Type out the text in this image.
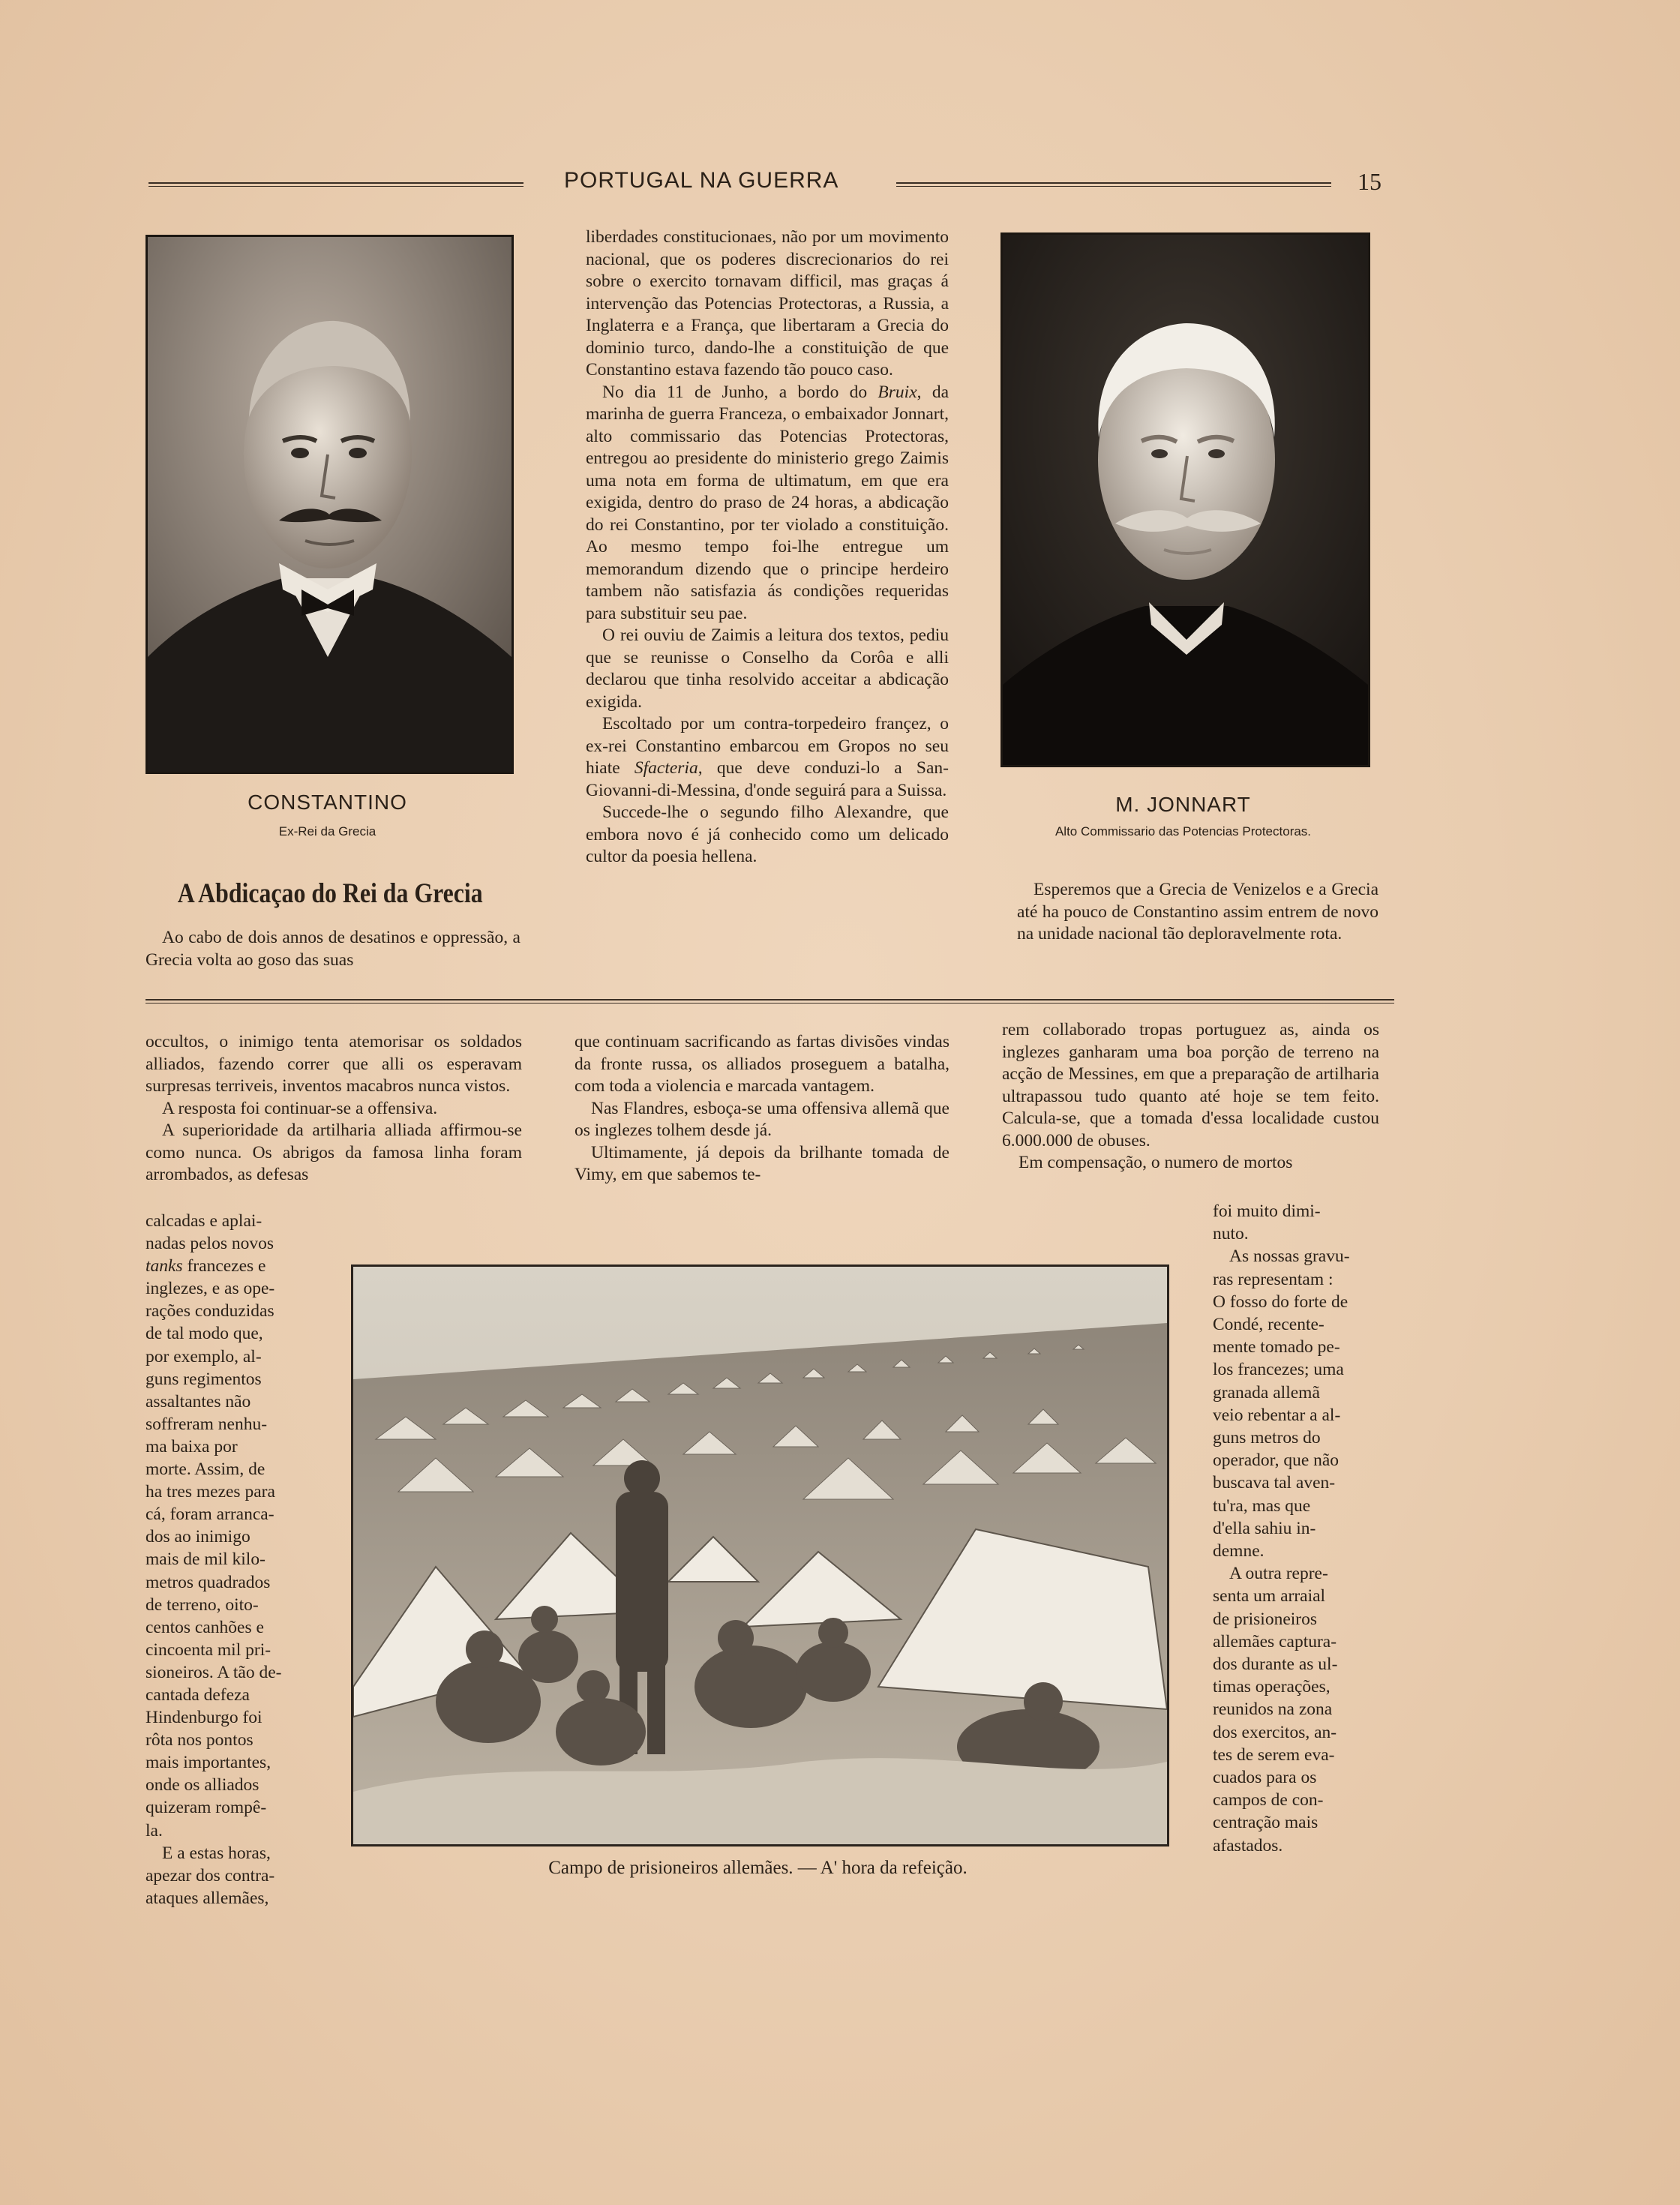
PORTUGAL NA GUERRA	15
CONSTANTINO
Ex-Rei da Grecia
A Abdicaçao do Rei da Grecia

Ao cabo de dois annos de desatinos e oppressão, a Grecia volta ao goso das suas

liberdades constitucionaes, não por um movimento nacional, que os poderes discrecionarios do rei sobre o exercito tornavam difficil, mas graças á intervenção das Potencias Protectoras, a Russia, a Inglaterra e a França, que libertaram a Grecia do dominio turco, dando-lhe a constituição de que Constantino estava fazendo tão pouco caso.

No dia 11 de Junho, a bordo do Bruix, da marinha de guerra Franceza, o embaixador Jonnart, alto commissario das Potencias Protectoras, entregou ao presidente do ministerio grego Zaimis uma nota em forma de ultimatum, em que era exigida, dentro do praso de 24 horas, a abdicação do rei Constantino, por ter violado a constituição. Ao mesmo tempo foi-lhe entregue um memorandum dizendo que o principe herdeiro tambem não satisfazia ás condições requeridas para substituir seu pae.

O rei ouviu de Zaimis a leitura dos textos, pediu que se reunisse o Conselho da Corôa e alli declarou que tinha resolvido acceitar a abdicação exigida.

Escoltado por um contra-torpedeiro françez, o ex-rei Constantino embarcou em Gropos no seu hiate Sfacteria, que deve conduzi-lo a San-Giovanni-di-Messina, d'onde seguirá para a Suissa.

Succede-lhe o segundo filho Alexandre, que embora novo é já conhecido como um delicado cultor da poesia hellena.

M. JONNART
Alto Commissario das Potencias Protectoras.

Esperemos que a Grecia de Venizelos e a Grecia até ha pouco de Constantino assim entrem de novo na unidade nacional tão deploravelmente rota.

occultos, o inimigo tenta atemorisar os soldados alliados, fazendo correr que alli os esperavam surpresas terriveis, inventos macabros nunca vistos.

A resposta foi continuar-se a offensiva.

A superioridade da artilharia alliada affirmou-se como nunca. Os abrigos da famosa linha foram arrombados, as defesas

calcadas e aplai-
nadas pelos novos
tanks francezes e
inglezes, e as ope-
rações conduzidas
de tal modo que,
por exemplo, al-
guns regimentos
assaltantes não
soffreram nenhu-
ma baixa por
morte. Assim, de
ha tres mezes para
cá, foram arranca-
dos ao inimigo
mais de mil kilo-
metros quadrados
de terreno, oito-
centos canhões e
cincoenta mil pri-
sioneiros. A tão de-
cantada defeza
Hindenburgo foi
rôta nos pontos
mais importantes,
onde os alliados
quizeram rompê-
la.
E a estas horas,
apezar dos contra-
ataques allemães,

que continuam sacrificando as fartas divisões vindas da fronte russa, os alliados proseguem a batalha, com toda a violencia e marcada vantagem.

Nas Flandres, esboça-se uma offensiva allemã que os inglezes tolhem desde já.

Ultimamente, já depois da brilhante tomada de Vimy, em que sabemos te-

rem collaborado tropas portuguez as, ainda os inglezes ganharam uma boa porção de terreno na acção de Messines, em que a preparação de artilharia ultrapassou tudo quanto até hoje se tem feito. Calcula-se, que a tomada d'essa localidade custou 6.000.000 de obuses.

Em compensação, o numero de mortos

foi muito dimi-
nuto.
As nossas gravu-
ras representam :
O fosso do forte de
Condé, recente-
mente tomado pe-
los francezes; uma
granada allemã
veio rebentar a al-
guns metros do
operador, que não
buscava tal aven-
tu'ra, mas que
d'ella sahiu in-
demne.
A outra repre-
senta um arraial
de prisioneiros
allemães captura-
dos durante as ul-
timas operações,
reunidos na zona
dos exercitos, an-
tes de serem eva-
cuados para os
campos de con-
centração mais
afastados.
Campo de prisioneiros allemães. — A' hora da refeição.
